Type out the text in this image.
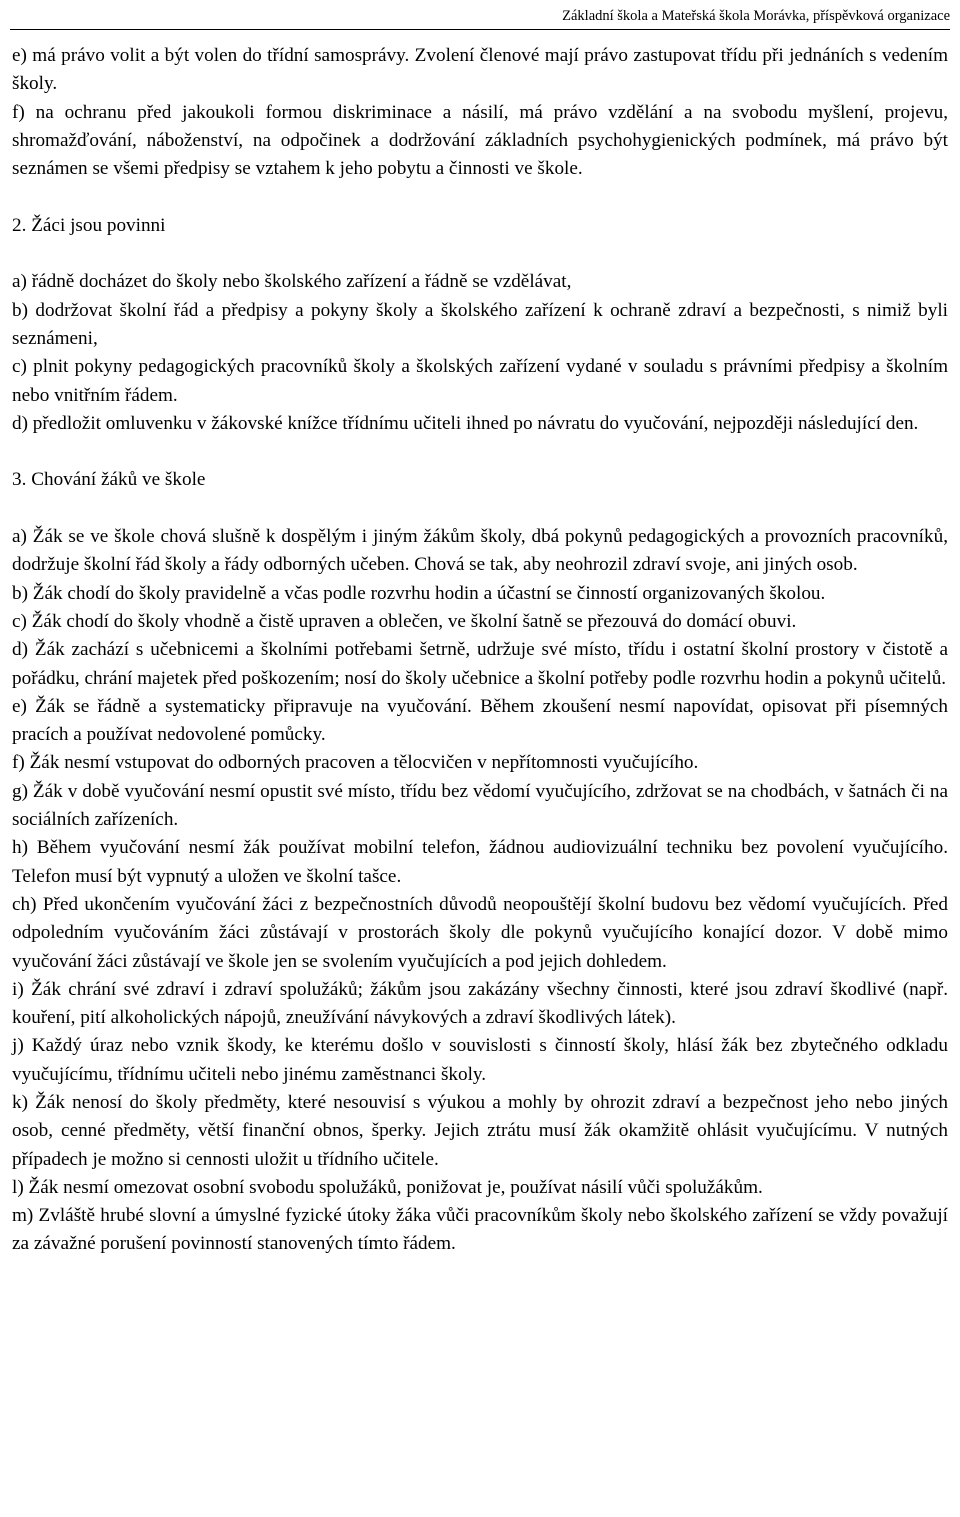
Základní škola a Mateřská škola Morávka, příspěvková organizace

e) má právo volit a být volen do třídní samosprávy. Zvolení členové mají právo zastupovat třídu při jednáních s vedením školy.

f) na ochranu před jakoukoli formou diskriminace a násilí, má právo vzdělání a na svobodu myšlení, projevu, shromažďování, náboženství, na odpočinek a dodržování základních psychohygienických podmínek, má právo být seznámen se všemi předpisy se vztahem k jeho pobytu a činnosti ve škole.

2. Žáci jsou povinni

a) řádně docházet do školy nebo školského zařízení a řádně se vzdělávat,

b) dodržovat školní řád a předpisy a pokyny školy a školského zařízení k ochraně zdraví a bezpečnosti, s nimiž byli seznámeni,

c) plnit pokyny pedagogických pracovníků školy a školských zařízení vydané v souladu s právními předpisy a školním nebo vnitřním řádem.

d) předložit omluvenku v žákovské knížce třídnímu učiteli ihned po návratu do vyučování, nejpozději následující den.

3. Chování žáků ve škole

a) Žák se ve škole chová slušně k dospělým i jiným žákům školy, dbá pokynů pedagogických a provozních pracovníků, dodržuje školní řád školy a řády odborných učeben. Chová se tak, aby neohrozil zdraví svoje, ani jiných osob.

b) Žák chodí do školy pravidelně a včas podle rozvrhu hodin a účastní se činností organizovaných školou.

c) Žák chodí do školy vhodně a čistě upraven a oblečen, ve školní šatně se přezouvá do domácí obuvi.

d) Žák zachází s učebnicemi a školními potřebami šetrně, udržuje své místo, třídu i ostatní školní prostory v čistotě a pořádku, chrání majetek před poškozením; nosí do školy učebnice a školní potřeby podle rozvrhu hodin a pokynů učitelů.

e) Žák se řádně a systematicky připravuje na vyučování. Během zkoušení nesmí napovídat, opisovat při písemných pracích a používat nedovolené pomůcky.

f) Žák nesmí vstupovat do odborných pracoven a tělocvičen v nepřítomnosti vyučujícího.

g) Žák v době vyučování nesmí opustit své místo, třídu bez vědomí vyučujícího, zdržovat se na chodbách, v šatnách či na sociálních zařízeních.

h) Během vyučování nesmí žák používat mobilní telefon, žádnou audiovizuální techniku bez povolení vyučujícího. Telefon musí být vypnutý a uložen ve školní tašce.

ch) Před ukončením vyučování žáci z bezpečnostních důvodů neopouštějí školní budovu bez vědomí vyučujících. Před odpoledním vyučováním žáci zůstávají v prostorách školy dle pokynů vyučujícího konající dozor. V době mimo vyučování žáci zůstávají ve škole jen se svolením vyučujících a pod jejich dohledem.

i) Žák chrání své zdraví i zdraví spolužáků; žákům jsou zakázány všechny činnosti, které jsou zdraví škodlivé (např. kouření, pití alkoholických nápojů, zneužívání návykových a zdraví škodlivých látek).

j) Každý úraz nebo vznik škody, ke kterému došlo v souvislosti s činností školy, hlásí žák bez zbytečného odkladu vyučujícímu, třídnímu učiteli nebo jinému zaměstnanci školy.

k) Žák nenosí do školy předměty, které nesouvisí s výukou a mohly by ohrozit zdraví a bezpečnost jeho nebo jiných osob, cenné předměty, větší finanční obnos, šperky. Jejich ztrátu musí žák okamžitě ohlásit vyučujícímu. V nutných případech je možno si cennosti uložit u třídního učitele.

l) Žák nesmí omezovat osobní svobodu spolužáků, ponižovat je, používat násilí vůči spolužákům.

m) Zvláště hrubé slovní a úmyslné fyzické útoky žáka vůči pracovníkům školy nebo školského zařízení se vždy považují za závažné porušení povinností stanovených tímto řádem.
